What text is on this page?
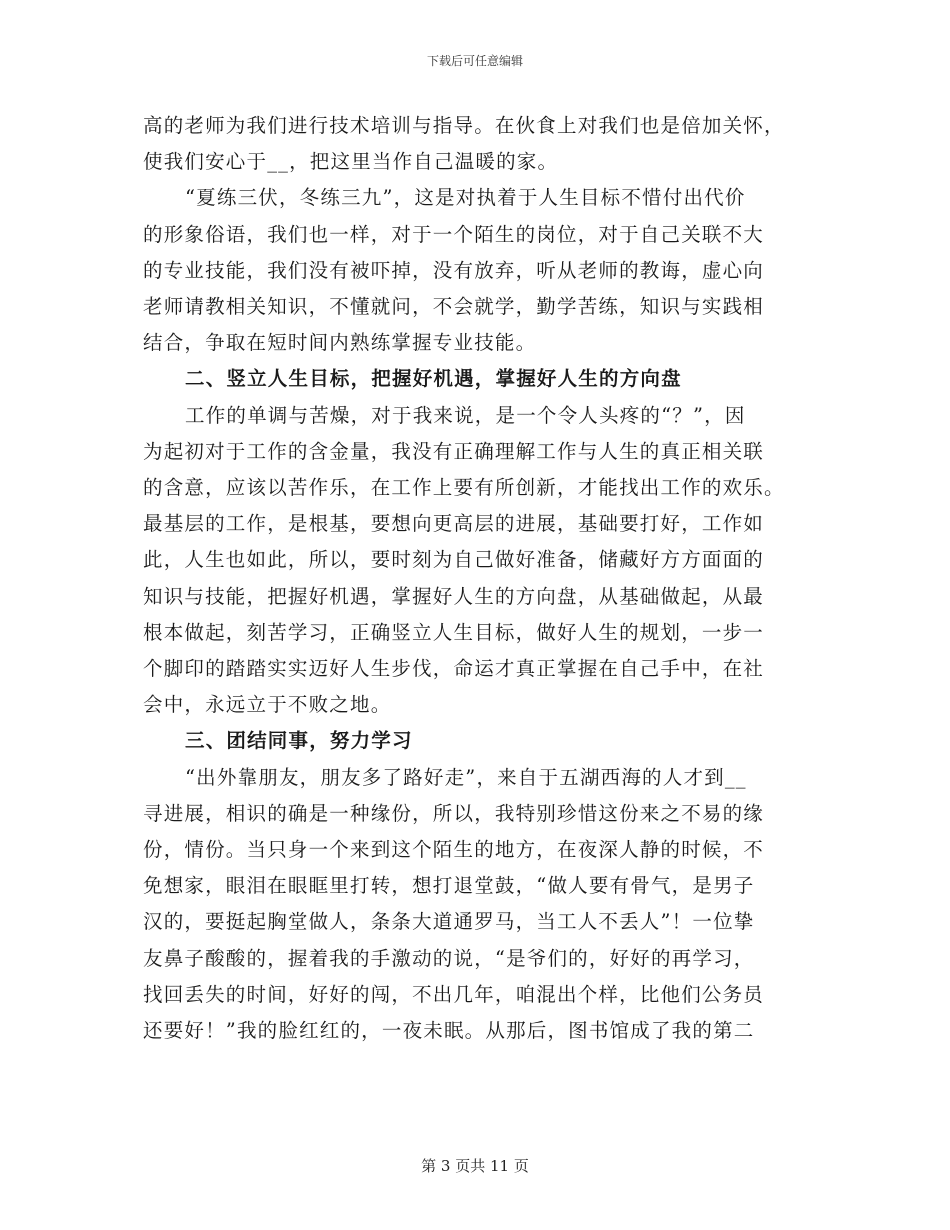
下载后可任意编辑
高的老师为我们进行技术培训与指导。在伙食上对我们也是倍加关怀，
使我们安心于__，把这里当作自己温暖的家。
“夏练三伏，冬练三九”，这是对执着于人生目标不惜付出代价
的形象俗语，我们也一样，对于一个陌生的岗位，对于自己关联不大
的专业技能，我们没有被吓掉，没有放弃，听从老师的教诲，虚心向
老师请教相关知识，不懂就问，不会就学，勤学苦练，知识与实践相
结合，争取在短时间内熟练掌握专业技能。
二、竖立人生目标，把握好机遇，掌握好人生的方向盘
工作的单调与苦燥，对于我来说，是一个令人头疼的“？”，因
为起初对于工作的含金量，我没有正确理解工作与人生的真正相关联
的含意，应该以苦作乐，在工作上要有所创新，才能找出工作的欢乐。
最基层的工作，是根基，要想向更高层的进展，基础要打好，工作如
此，人生也如此，所以，要时刻为自己做好准备，储藏好方方面面的
知识与技能，把握好机遇，掌握好人生的方向盘，从基础做起，从最
根本做起，刻苦学习，正确竖立人生目标，做好人生的规划，一步一
个脚印的踏踏实实迈好人生步伐，命运才真正掌握在自己手中，在社
会中，永远立于不败之地。
三、团结同事，努力学习
“出外靠朋友，朋友多了路好走”，来自于五湖西海的人才到__
寻进展，相识的确是一种缘份，所以，我特别珍惜这份来之不易的缘
份，情份。当只身一个来到这个陌生的地方，在夜深人静的时候，不
免想家，眼泪在眼眶里打转，想打退堂鼓，“做人要有骨气，是男子
汉的，要挺起胸堂做人，条条大道通罗马，当工人不丢人”！一位挚
友鼻子酸酸的，握着我的手激动的说，“是爷们的，好好的再学习，
找回丢失的时间，好好的闯，不出几年，咱混出个样，比他们公务员
还要好！”我的脸红红的，一夜未眠。从那后，图书馆成了我的第二
第 3 页共 11 页
